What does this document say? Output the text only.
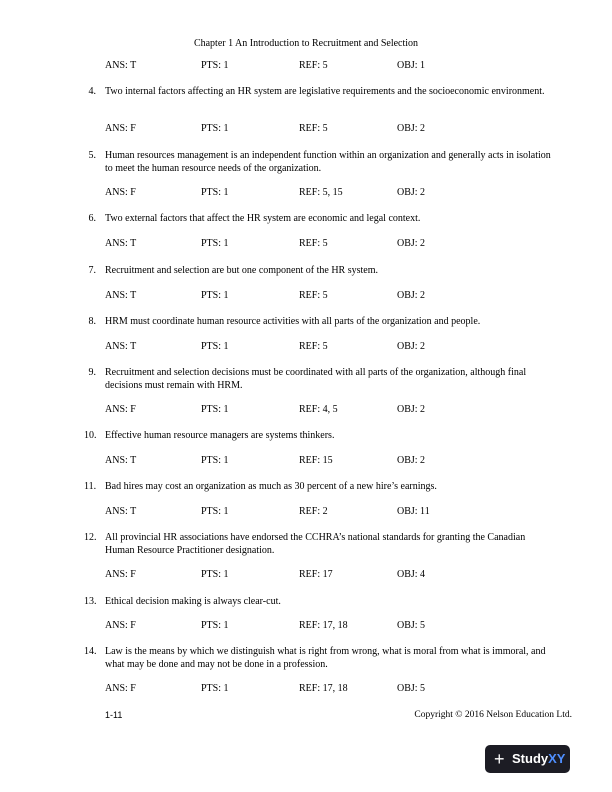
Chapter 1 An Introduction to Recruitment and Selection
ANS: T	PTS: 1	REF: 5	OBJ: 1
4. Two internal factors affecting an HR system are legislative requirements and the socioeconomic environment.
ANS: F	PTS: 1	REF: 5	OBJ: 2
5. Human resources management is an independent function within an organization and generally acts in isolation to meet the human resource needs of the organization.
ANS: F	PTS: 1	REF: 5, 15	OBJ: 2
6. Two external factors that affect the HR system are economic and legal context.
ANS: T	PTS: 1	REF: 5	OBJ: 2
7. Recruitment and selection are but one component of the HR system.
ANS: T	PTS: 1	REF: 5	OBJ: 2
8. HRM must coordinate human resource activities with all parts of the organization and people.
ANS: T	PTS: 1	REF: 5	OBJ: 2
9. Recruitment and selection decisions must be coordinated with all parts of the organization, although final decisions must remain with HRM.
ANS: F	PTS: 1	REF: 4, 5	OBJ: 2
10. Effective human resource managers are systems thinkers.
ANS: T	PTS: 1	REF: 15	OBJ: 2
11. Bad hires may cost an organization as much as 30 percent of a new hire’s earnings.
ANS: T	PTS: 1	REF: 2	OBJ: 11
12. All provincial HR associations have endorsed the CCHRA’s national standards for granting the Canadian Human Resource Practitioner designation.
ANS: F	PTS: 1	REF: 17	OBJ: 4
13. Ethical decision making is always clear-cut.
ANS: F	PTS: 1	REF: 17, 18	OBJ: 5
14. Law is the means by which we distinguish what is right from wrong, what is moral from what is immoral, and what may be done and may not be done in a profession.
ANS: F	PTS: 1	REF: 17, 18	OBJ: 5
1-11	Copyright © 2016 Nelson Education Ltd.
+ StudyXY
